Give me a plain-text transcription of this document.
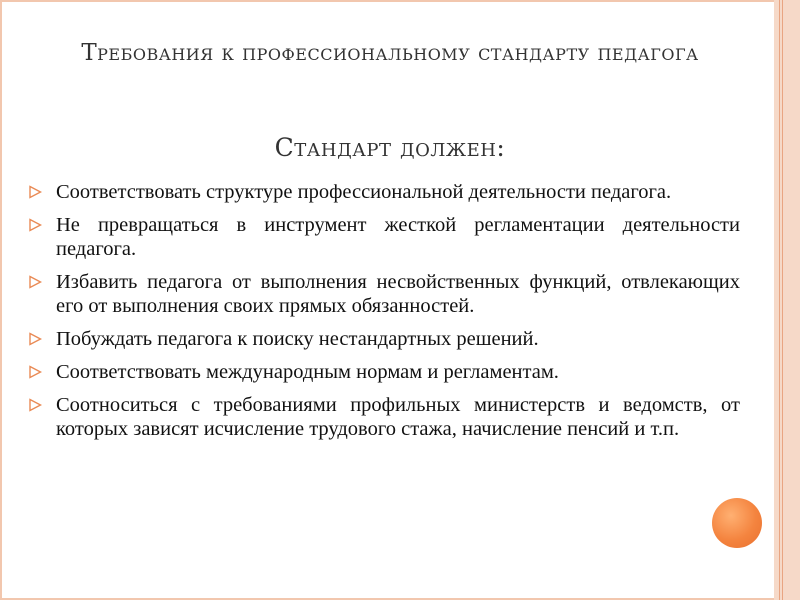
Требования к профессиональному стандарту педагога
Стандарт должен:
Соответствовать структуре профессиональной деятельности педагога.
Не превращаться в инструмент жесткой регламентации деятельности педагога.
Избавить педагога от выполнения несвойственных функций, отвлекающих его от выполнения своих прямых обязанностей.
Побуждать педагога к поиску нестандартных решений.
Соответствовать международным нормам и регламентам.
Соотноситься с требованиями профильных министерств и ведомств, от которых зависят исчисление трудового стажа, начисление пенсий и т.п.
